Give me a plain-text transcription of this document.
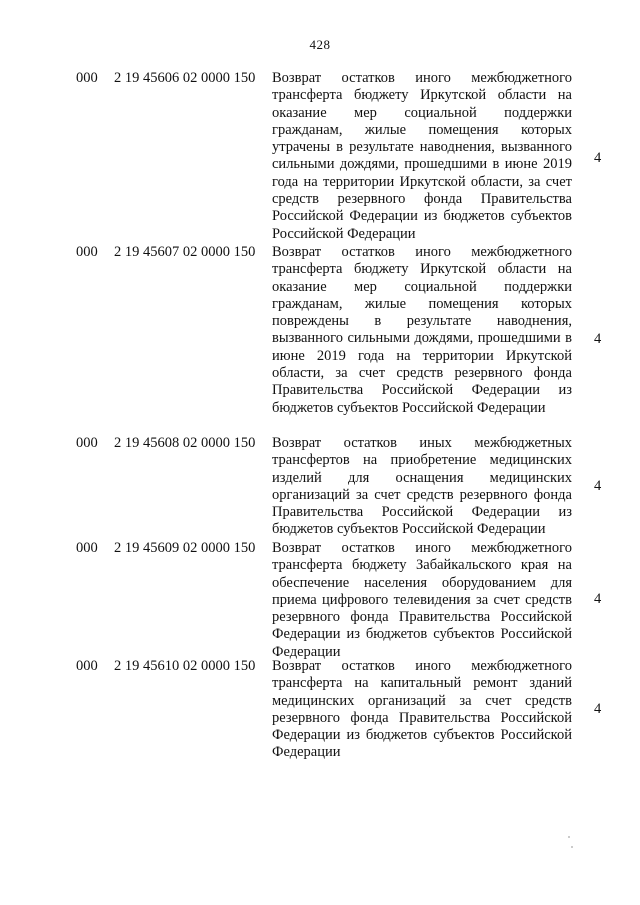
428
000 2 19 45606 02 0000 150 Возврат остатков иного межбюджетного трансферта бюджету Иркутской области на оказание мер социальной поддержки гражданам, жилые помещения которых утрачены в результате наводнения, вызванного сильными дождями, прошедшими в июне 2019 года на территории Иркутской области, за счет средств резервного фонда Правительства Российской Федерации из бюджетов субъектов Российской Федерации
4
000 2 19 45607 02 0000 150 Возврат остатков иного межбюджетного трансферта бюджету Иркутской области на оказание мер социальной поддержки гражданам, жилые помещения которых повреждены в результате наводнения, вызванного сильными дождями, прошедшими в июне 2019 года на территории Иркутской области, за счет средств резервного фонда Правительства Российской Федерации из бюджетов субъектов Российской Федерации
4
000 2 19 45608 02 0000 150 Возврат остатков иных межбюджетных трансфертов на приобретение медицинских изделий для оснащения медицинских организаций за счет средств резервного фонда Правительства Российской Федерации из бюджетов субъектов Российской Федерации
4
000 2 19 45609 02 0000 150 Возврат остатков иного межбюджетного трансферта бюджету Забайкальского края на обеспечение населения оборудованием для приема цифрового телевидения за счет средств резервного фонда Правительства Российской Федерации из бюджетов субъектов Российской Федерации
4
000 2 19 45610 02 0000 150 Возврат остатков иного межбюджетного трансферта на капитальный ремонт зданий медицинских организаций за счет средств резервного фонда Правительства Российской Федерации из бюджетов субъектов Российской Федерации
4
